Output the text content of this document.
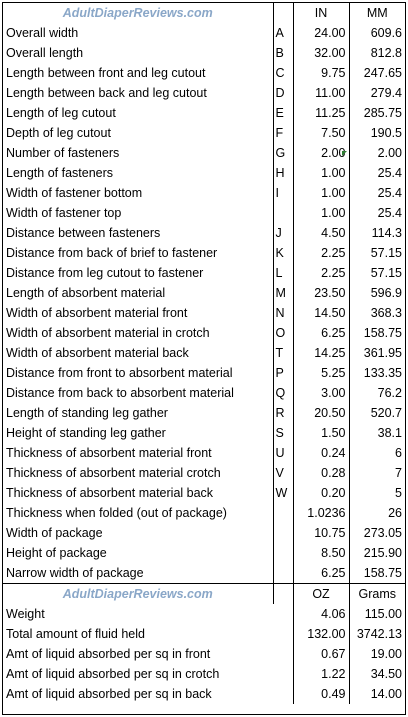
AdultDiaperReviews.com		IN	MM
Overall width	A	24.00	609.6
Overall length	B	32.00	812.8
Length between front and leg cutout	C	9.75	247.65
Length between back and leg cutout	D	11.00	279.4
Length of leg cutout	E	11.25	285.75
Depth of leg cutout	F	7.50	190.5
Number of fasteners	G	2.00	2.00
Length of fasteners	H	1.00	25.4
Width of fastener bottom	I	1.00	25.4
Width of fastener top		1.00	25.4
Distance between fasteners	J	4.50	114.3
Distance from back of brief to fastener	K	2.25	57.15
Distance from leg cutout to fastener	L	2.25	57.15
Length of absorbent material	M	23.50	596.9
Width of absorbent material front	N	14.50	368.3
Width of absorbent material in crotch	O	6.25	158.75
Width of absorbent material back	T	14.25	361.95
Distance from front to absorbent material	P	5.25	133.35
Distance from back to absorbent material	Q	3.00	76.2
Length of standing leg gather	R	20.50	520.7
Height of standing leg gather	S	1.50	38.1
Thickness of absorbent material front	U	0.24	6
Thickness of absorbent material crotch	V	0.28	7
Thickness of absorbent material back	W	0.20	5
Thickness when folded (out of package)		1.0236	26
Width of package		10.75	273.05
Height of package		8.50	215.90
Narrow width of package		6.25	158.75
AdultDiaperReviews.com		OZ	Grams
Weight		4.06	115.00
Total amount of fluid held		132.00	3742.13
Amt of liquid absorbed per sq in front		0.67	19.00
Amt of liquid absorbed per sq in crotch		1.22	34.50
Amt of liquid absorbed per sq in back		0.49	14.00
